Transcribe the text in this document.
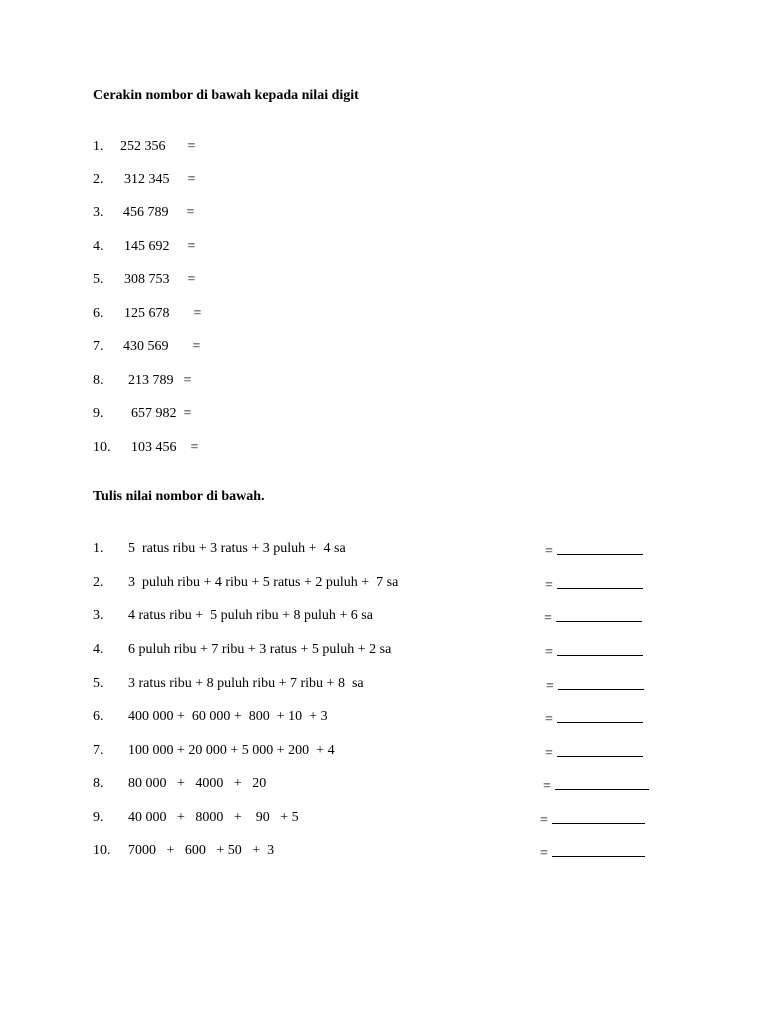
Cerakin nombor di bawah kepada nilai digit
1. 252 356 =
2. 312 345 =
3. 456 789 =
4. 145 692 =
5. 308 753 =
6. 125 678 =
7. 430 569 =
8. 213 789 =
9. 657 982 =
10. 103 456 =
Tulis nilai nombor di bawah.
1. 5  ratus ribu + 3 ratus + 3 puluh +  4 sa	=
2. 3  puluh ribu + 4 ribu + 5 ratus + 2 puluh +  7 sa	=
3. 4 ratus ribu +  5 puluh ribu + 8 puluh + 6 sa	=
4. 6 puluh ribu + 7 ribu + 3 ratus + 5 puluh + 2 sa	=
5. 3 ratus ribu + 8 puluh ribu + 7 ribu + 8  sa	=
6. 400 000 +  60 000 +  800  + 10  + 3	=
7. 100 000 + 20 000 + 5 000 + 200  + 4	=
8. 80 000   +   4000   +   20	=
9. 40 000   +   8000   +    90   + 5	=
10. 7000   +   600   + 50   +  3	=
